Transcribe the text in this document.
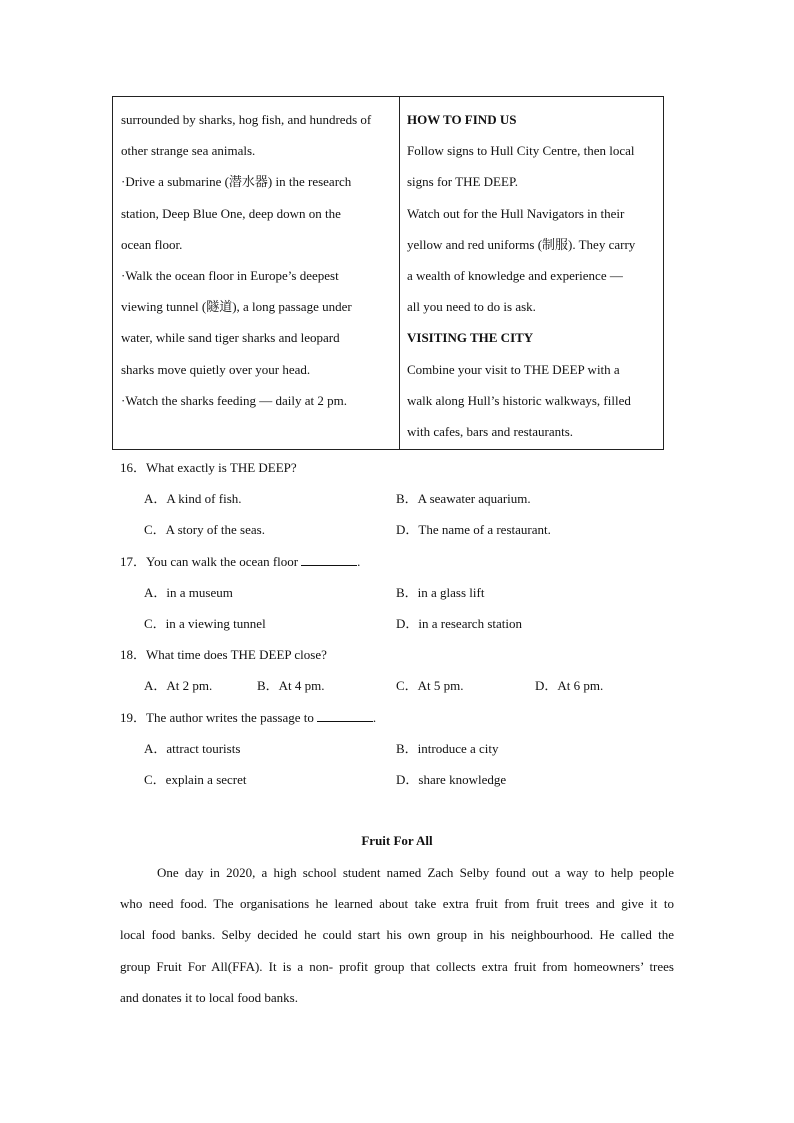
surrounded by sharks, hog fish, and hundreds of
other strange sea animals.
·Drive a submarine (潜水器) in the research
station, Deep Blue One, deep down on the
ocean floor.
·Walk the ocean floor in Europe’s deepest
viewing tunnel (隧道), a long passage under
water, while sand tiger sharks and leopard
sharks move quietly over your head.
·Watch the sharks feeding — daily at 2 pm.
HOW TO FIND US
Follow signs to Hull City Centre, then local
signs for THE DEEP.
Watch out for the Hull Navigators in their
yellow and red uniforms (制服). They carry
a wealth of knowledge and experience —
all you need to do is ask.
VISITING THE CITY
Combine your visit to THE DEEP with a
walk along Hull’s historic walkways, filled
with cafes, bars and restaurants.
16．What exactly is THE DEEP?
A．A kind of fish.	B．A seawater aquarium.
C．A story of the seas.	D．The name of a restaurant.
17．You can walk the ocean floor	.
A．in a museum	B．in a glass lift
C．in a viewing tunnel	D．in a research station
18．What time does THE DEEP close?
A．At 2 pm.	B．At 4 pm.	C．At 5 pm.	D．At 6 pm.
19．The author writes the passage to	.
A．attract tourists	B．introduce a city
C．explain a secret	D．share knowledge
Fruit For All
One day in 2020, a high school student named Zach Selby found out a way to help people
who need food. The organisations he learned about take extra fruit from fruit trees and give it to
local food banks. Selby decided he could start his own group in his neighbourhood. He called the
group Fruit For All(FFA). It is a non- profit group that collects extra fruit from homeowners’ trees
and donates it to local food banks.
